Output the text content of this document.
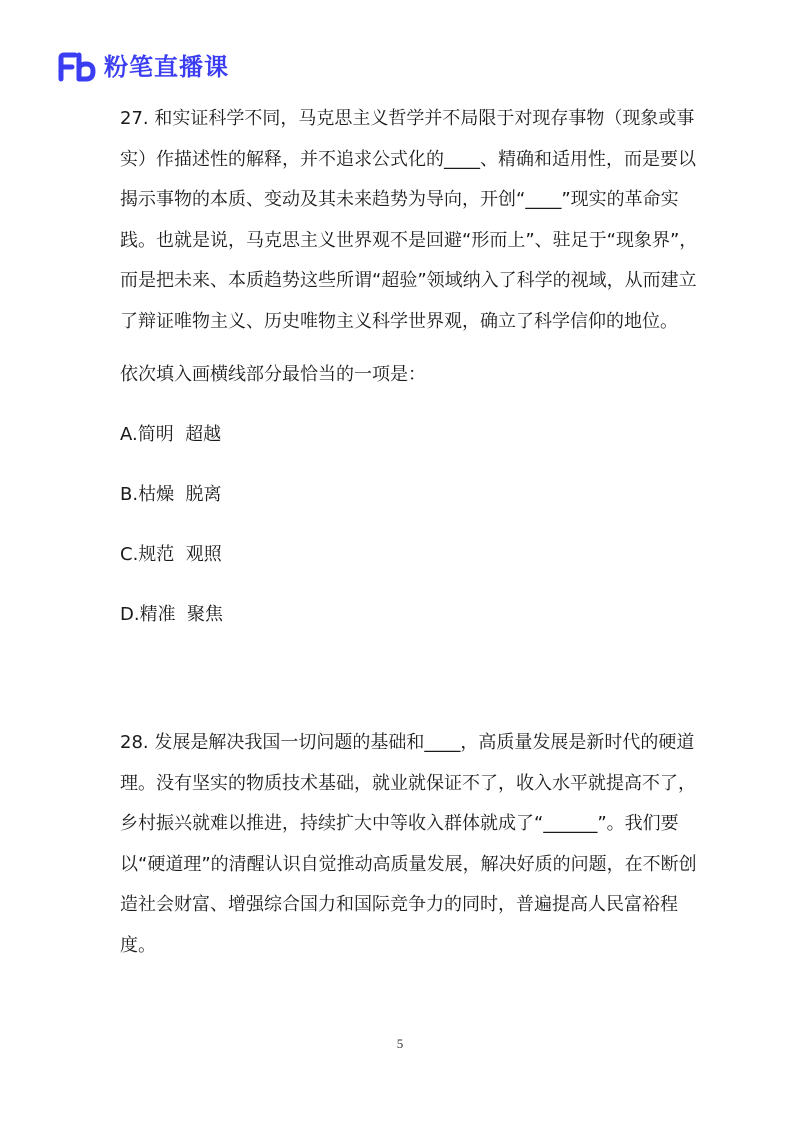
粉笔直播课

27. 和实证科学不同，马克思主义哲学并不局限于对现存事物（现象或事实）作描述性的解释，并不追求公式化的____、精确和适用性，而是要以揭示事物的本质、变动及其未来趋势为导向，开创“____”现实的革命实践。也就是说，马克思主义世界观不是回避“形而上”、驻足于“现象界”，而是把未来、本质趋势这些所谓“超验”领域纳入了科学的视域，从而建立了辩证唯物主义、历史唯物主义科学世界观，确立了科学信仰的地位。

依次填入画横线部分最恰当的一项是：

A.简明  超越

B.枯燥  脱离

C.规范  观照

D.精准  聚焦

28. 发展是解决我国一切问题的基础和____，高质量发展是新时代的硬道理。没有坚实的物质技术基础，就业就保证不了，收入水平就提高不了，乡村振兴就难以推进，持续扩大中等收入群体就成了“______”。我们要以“硬道理”的清醒认识自觉推动高质量发展，解决好质的问题，在不断创造社会财富、增强综合国力和国际竞争力的同时，普遍提高人民富裕程度。

5
